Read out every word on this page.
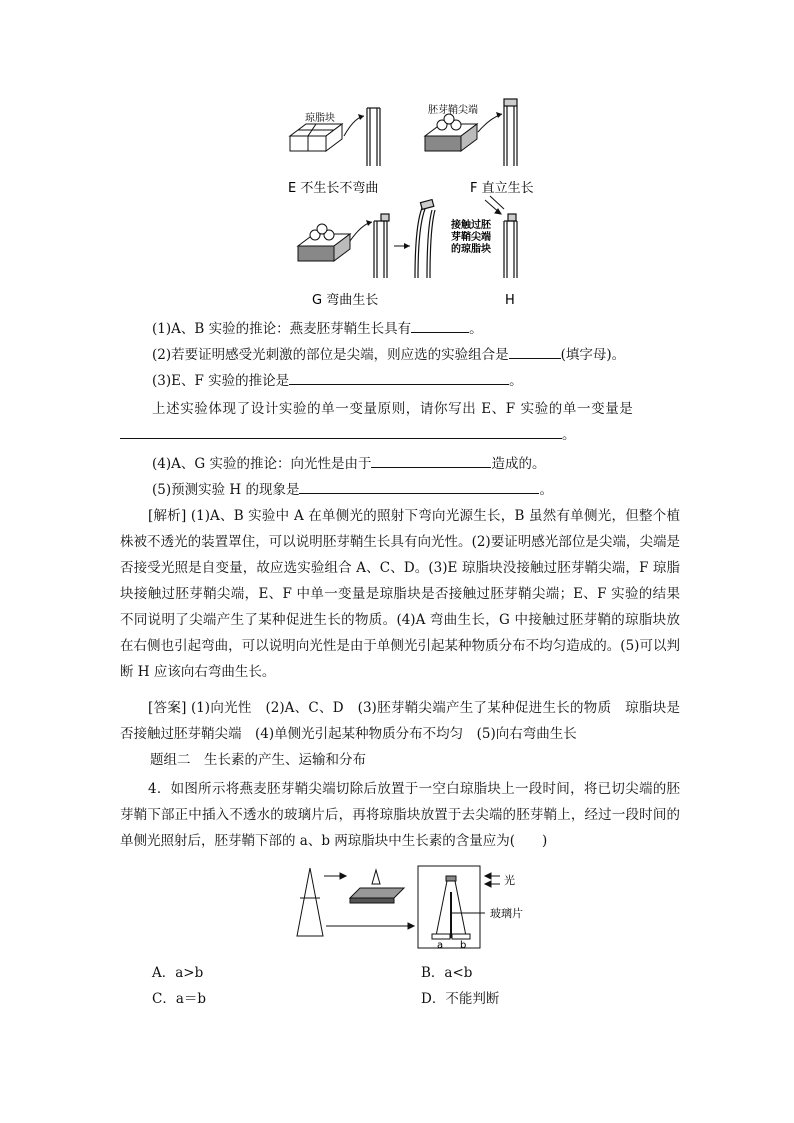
琼脂块
胚芽鞘尖端
E 不生长不弯曲	F 直立生长
接触过胚
芽鞘尖端
的琼脂块
G 弯曲生长	H
(1)A、B 实验的推论：燕麦胚芽鞘生长具有	。
(2)若要证明感受光刺激的部位是尖端，则应选的实验组合是	(填字母)。
(3)E、F 实验的推论是	。
上述实验体现了设计实验的单一变量原则，请你写出 E、F 实验的单一变量是
。
(4)A、G 实验的推论：向光性是由于	造成的。
(5)预测实验 H 的现象是	。
[解析] (1)A、B 实验中 A 在单侧光的照射下弯向光源生长，B 虽然有单侧光，但整个植株被不透光的装置罩住，可以说明胚芽鞘生长具有向光性。(2)要证明感光部位是尖端，尖端是否接受光照是自变量，故应选实验组合 A、C、D。(3)E 琼脂块没接触过胚芽鞘尖端，F 琼脂块接触过胚芽鞘尖端，E、F 中单一变量是琼脂块是否接触过胚芽鞘尖端；E、F 实验的结果不同说明了尖端产生了某种促进生长的物质。(4)A 弯曲生长，G 中接触过胚芽鞘的琼脂块放在右侧也引起弯曲，可以说明向光性是由于单侧光引起某种物质分布不均匀造成的。(5)可以判断 H 应该向右弯曲生长。
[答案] (1)向光性　(2)A、C、D　(3)胚芽鞘尖端产生了某种促进生长的物质　琼脂块是否接触过胚芽鞘尖端　(4)单侧光引起某种物质分布不均匀　(5)向右弯曲生长
题组二　生长素的产生、运输和分布
4．如图所示将燕麦胚芽鞘尖端切除后放置于一空白琼脂块上一段时间，将已切尖端的胚芽鞘下部正中插入不透水的玻璃片后，再将琼脂块放置于去尖端的胚芽鞘上，经过一段时间的单侧光照射后，胚芽鞘下部的 a、b 两琼脂块中生长素的含量应为(　　)
光
玻璃片
a b
A．a>b	B．a<b
C．a＝b	D．不能判断
